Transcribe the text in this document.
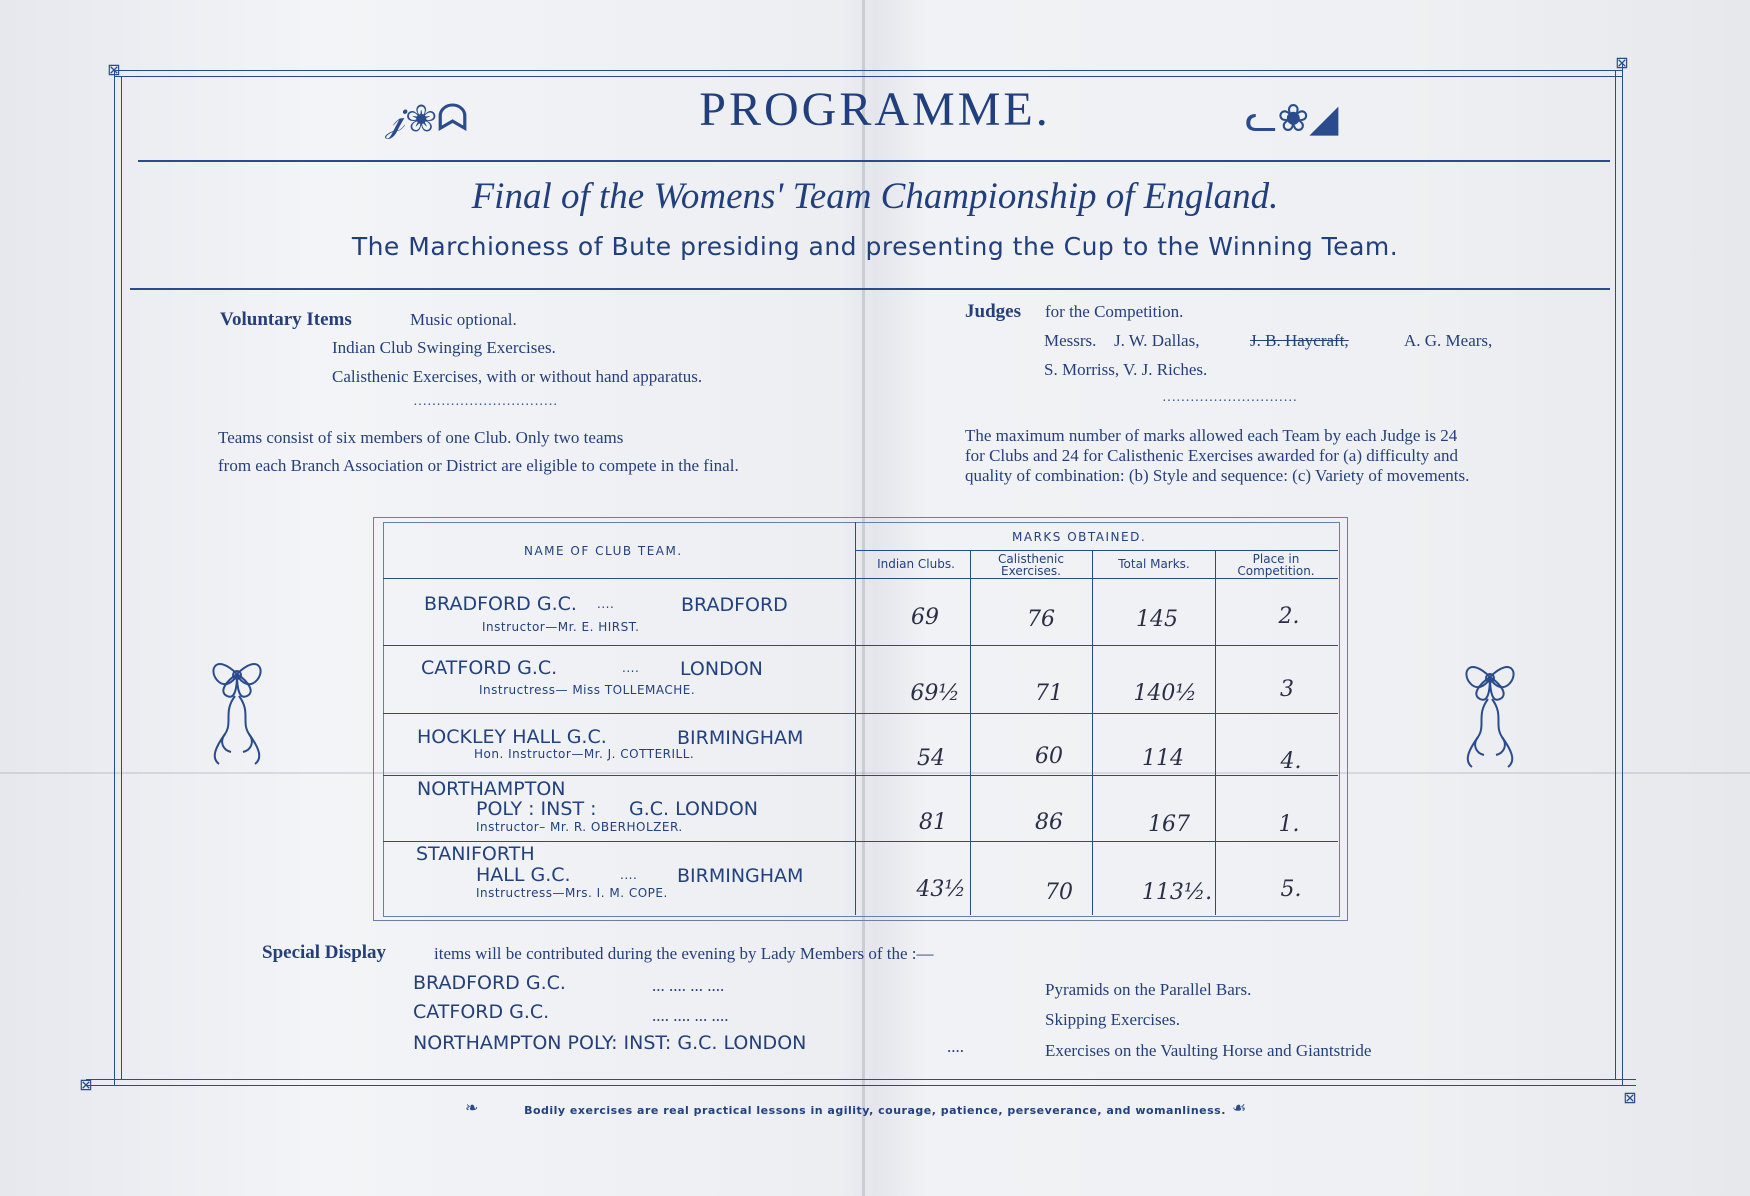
⊠	⊠
⊠
⊠
𝒿❀ᗣ	PROGRAMME.	ᓚ❀◢
Final of the Womens' Team Championship of England.
The Marchioness of Bute presiding and presenting the Cup to the Winning Team.
Voluntary Items	Music optional.
Indian Club Swinging Exercises.
Calisthenic Exercises, with or without hand apparatus.
·······························
Teams consist of six members of one Club. Only two teams
from each Branch Association or District are eligible to compete in the final.
Judges for the Competition.
Messrs. J. W. Dallas,	J. B. Haycraft,	A. G. Mears,
S. Morriss, V. J. Riches.
·····························
The maximum number of marks allowed each Team by each Judge is 24
for Clubs and 24 for Calisthenic Exercises awarded for (a) difficulty and
quality of combination: (b) Style and sequence: (c) Variety of movements.
NAME OF CLUB TEAM.
MARKS OBTAINED.
Indian Clubs.	Calisthenic
Exercises.	Total Marks.	Place in
Competition.
BRADFORD G.C. ....	BRADFORD
Instructor—Mr. E. HIRST.	69	76	145	2.
CATFORD G.C.	.... LONDON
Instructress— Miss TOLLEMACHE.	69½	71	140½	3
HOCKLEY HALL G.C.	BIRMINGHAM
Hon. Instructor—Mr. J. COTTERILL.	54	60	114	4.
NORTHAMPTON
POLY : INST : G.C. LONDON
Instructor– Mr. R. OBERHOLZER.	81	86	167	1.
STANIFORTH
HALL G.C.	.... BIRMINGHAM
Instructress—Mrs. I. M. COPE.	43½	70	113½.	5.
Special Display	items will be contributed during the evening by Lady Members of the :—
BRADFORD G.C.	... .... ... ....	Pyramids on the Parallel Bars.
CATFORD G.C.	.... .... ... ....	Skipping Exercises.
NORTHAMPTON POLY: INST: G.C. LONDON	....	Exercises on the Vaulting Horse and Giantstride
❧	Bodily exercises are real practical lessons in agility, courage, patience, perseverance, and womanliness. ☙
